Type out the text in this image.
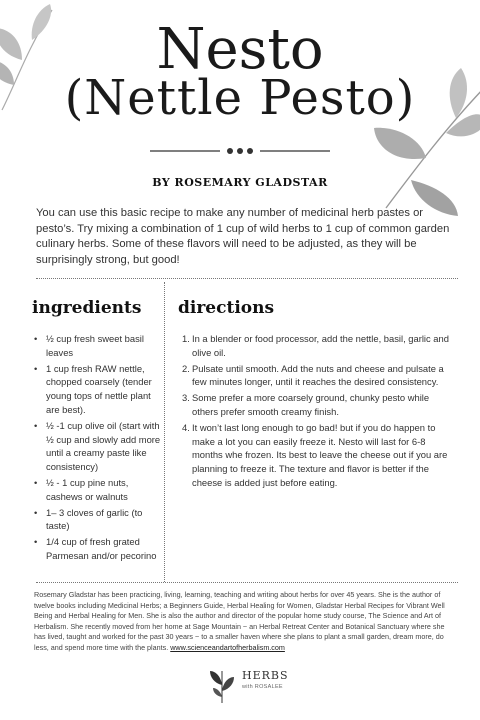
Nesto
(Nettle Pesto)
BY ROSEMARY GLADSTAR

You can use this basic recipe to make any number of medicinal herb pastes or pesto’s. Try mixing a combination of 1 cup of wild herbs to 1 cup of common garden culinary herbs. Some of these flavors will need to be adjusted, as they will be surprisingly strong, but good!

ingredients directions
• ½ cup fresh sweet basil leaves
• 1 cup fresh RAW nettle, chopped coarsely (tender young tops of nettle plant are best).
• ½ -1 cup olive oil (start with ½ cup and slowly add more until a creamy paste like consistency)
• ½ - 1 cup pine nuts, cashews or walnuts
• 1– 3 cloves of garlic (to taste)
• 1/4 cup of fresh grated Parmesan and/or pecorino
1. In a blender or food processor, add the nettle, basil, garlic and olive oil.
2. Pulsate until smooth. Add the nuts and cheese and pulsate a few minutes longer, until it reaches the desired consistency.
3. Some prefer a more coarsely ground, chunky pesto while others prefer smooth creamy finish.
4. It won’t last long enough to go bad! but if you do happen to make a lot you can easily freeze it. Nesto will last for 6-8 months whe frozen. Its best to leave the cheese out if you are planning to freeze it. The texture and flavor is better if the cheese is added just before eating.

Rosemary Gladstar has been practicing, living, learning, teaching and writing about herbs for over 45 years. She is the author of twelve books including Medicinal Herbs; a Beginners Guide, Herbal Healing for Women, Gladstar Herbal Recipes for Vibrant Well Being and Herbal Healing for Men. She is also the author and director of the popular home study course, The Science and Art of Herbalism. She recently moved from her home at Sage Mountain ~ an Herbal Retreat Center and Botanical Sanctuary where she has lived, taught and worked for the past 30 years ~ to a smaller haven where she plans to plant a small garden, dream more, do less, and spend more time with the plants. www.scienceandartofherbalism.com

HERBS
with ROSALEE
